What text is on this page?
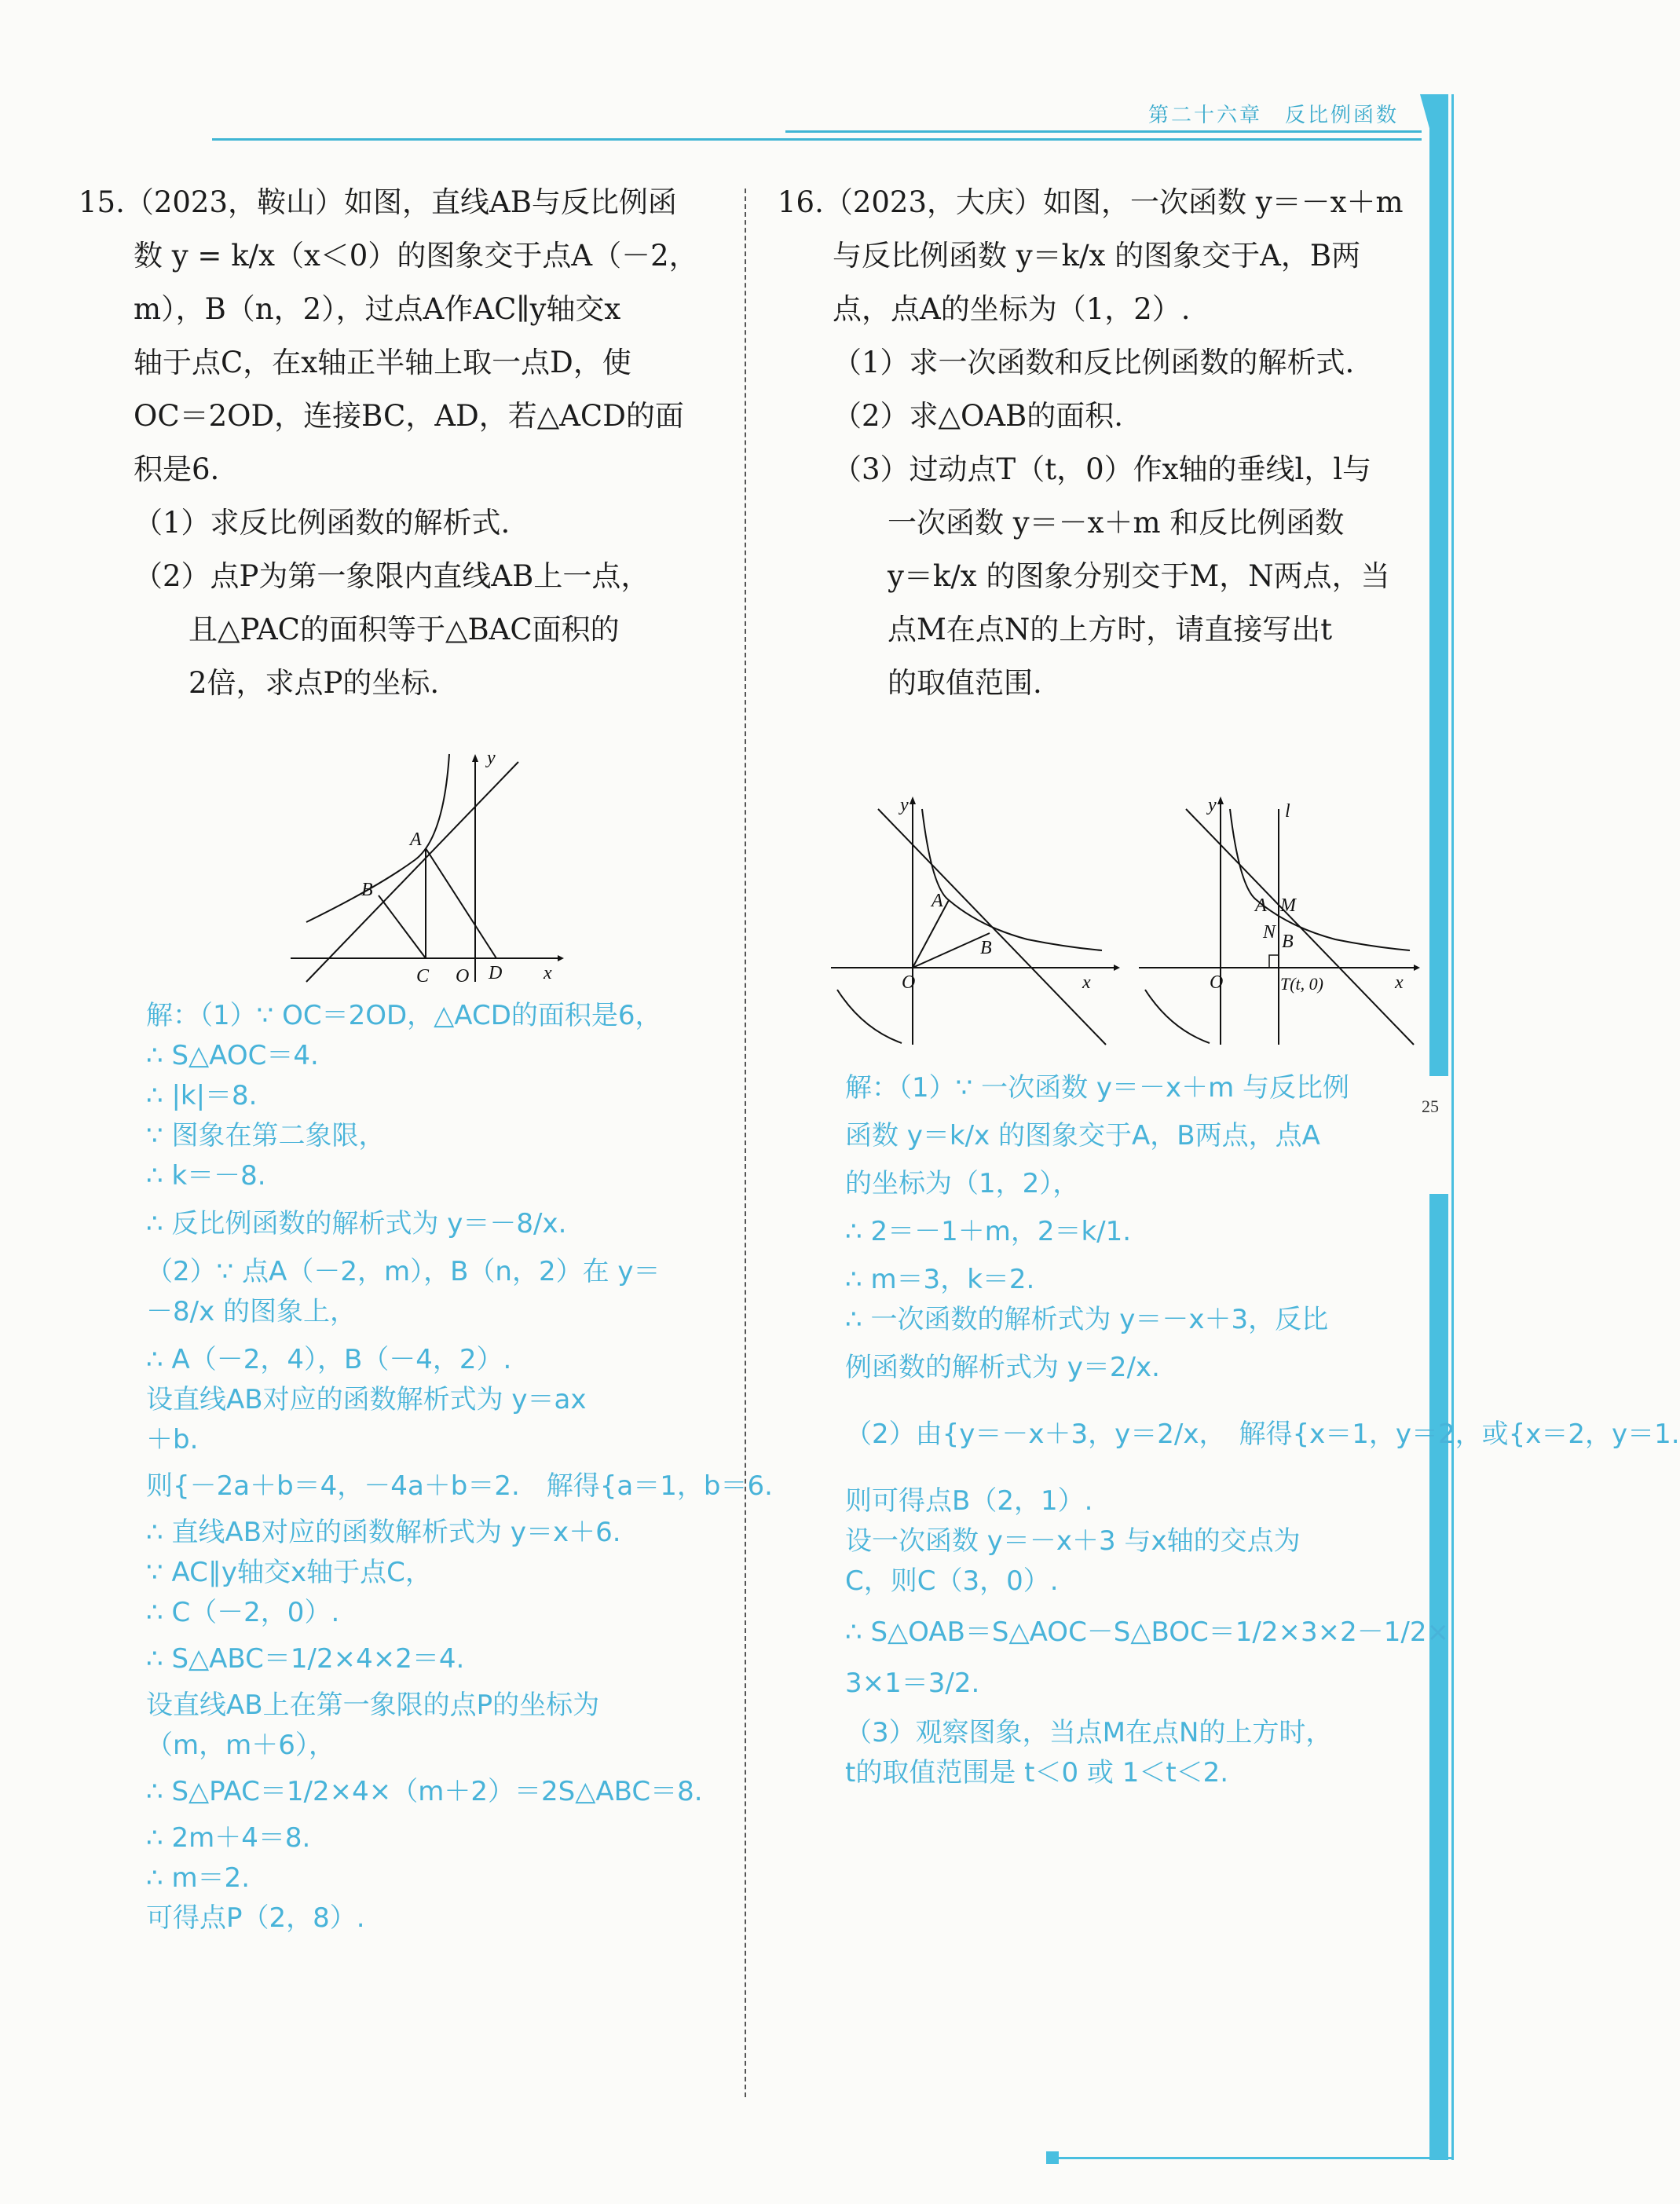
第二十六章　反比例函数
25

15.（2023，鞍山）如图，直线AB与反比例函

数 y = k/x（x＜0）的图象交于点A（－2，

m），B（n，2），过点A作AC∥y轴交x

轴于点C，在x轴正半轴上取一点D，使

OC＝2OD，连接BC，AD，若△ACD的面

积是6.

（1）求反比例函数的解析式.

（2）点P为第一象限内直线AB上一点，

且△PAC的面积等于△BAC面积的

2倍，求点P的坐标.

y
A
B
C O D x

解：（1）∵ OC＝2OD，△ACD的面积是6，

∴ S△AOC＝4.

∴ |k|＝8.

∵ 图象在第二象限，

∴ k＝－8.

∴ 反比例函数的解析式为 y＝－8/x.

（2）∵ 点A（－2，m），B（n，2）在 y＝

－8/x 的图象上，

∴ A（－2，4），B（－4，2）.

设直线AB对应的函数解析式为 y＝ax

＋b.

则{－2a＋b＝4，－4a＋b＝2.　解得{a＝1，b＝6.

∴ 直线AB对应的函数解析式为 y＝x＋6.

∵ AC∥y轴交x轴于点C，

∴ C（－2，0）.

∴ S△ABC＝1/2×4×2＝4.

设直线AB上在第一象限的点P的坐标为

（m，m＋6），

∴ S△PAC＝1/2×4×（m＋2）＝2S△ABC＝8.

∴ 2m＋4＝8.

∴ m＝2.

可得点P（2，8）.

16.（2023，大庆）如图，一次函数 y＝－x＋m

与反比例函数 y＝k/x 的图象交于A，B两

点，点A的坐标为（1，2）.

（1）求一次函数和反比例函数的解析式.

（2）求△OAB的面积.

（3）过动点T（t，0）作x轴的垂线l，l与

一次函数 y＝－x＋m 和反比例函数

y＝k/x 的图象分别交于M，N两点，当

点M在点N的上方时，请直接写出t

的取值范围.

y
A
B
O	x
y	l
A M
N B
O	T(t, 0)	x

解：（1）∵ 一次函数 y＝－x＋m 与反比例

函数 y＝k/x 的图象交于A，B两点，点A

的坐标为（1，2），

∴ 2＝－1＋m，2＝k/1.

∴ m＝3，k＝2.

∴ 一次函数的解析式为 y＝－x＋3，反比

例函数的解析式为 y＝2/x.

（2）由{y＝－x＋3，y＝2/x，　解得{x＝1，y＝2，或{x＝2，y＝1.

则可得点B（2，1）.

设一次函数 y＝－x＋3 与x轴的交点为

C，则C（3，0）.

∴ S△OAB＝S△AOC－S△BOC＝1/2×3×2－1/2×

3×1＝3/2.

（3）观察图象，当点M在点N的上方时，

t的取值范围是 t＜0 或 1＜t＜2.
